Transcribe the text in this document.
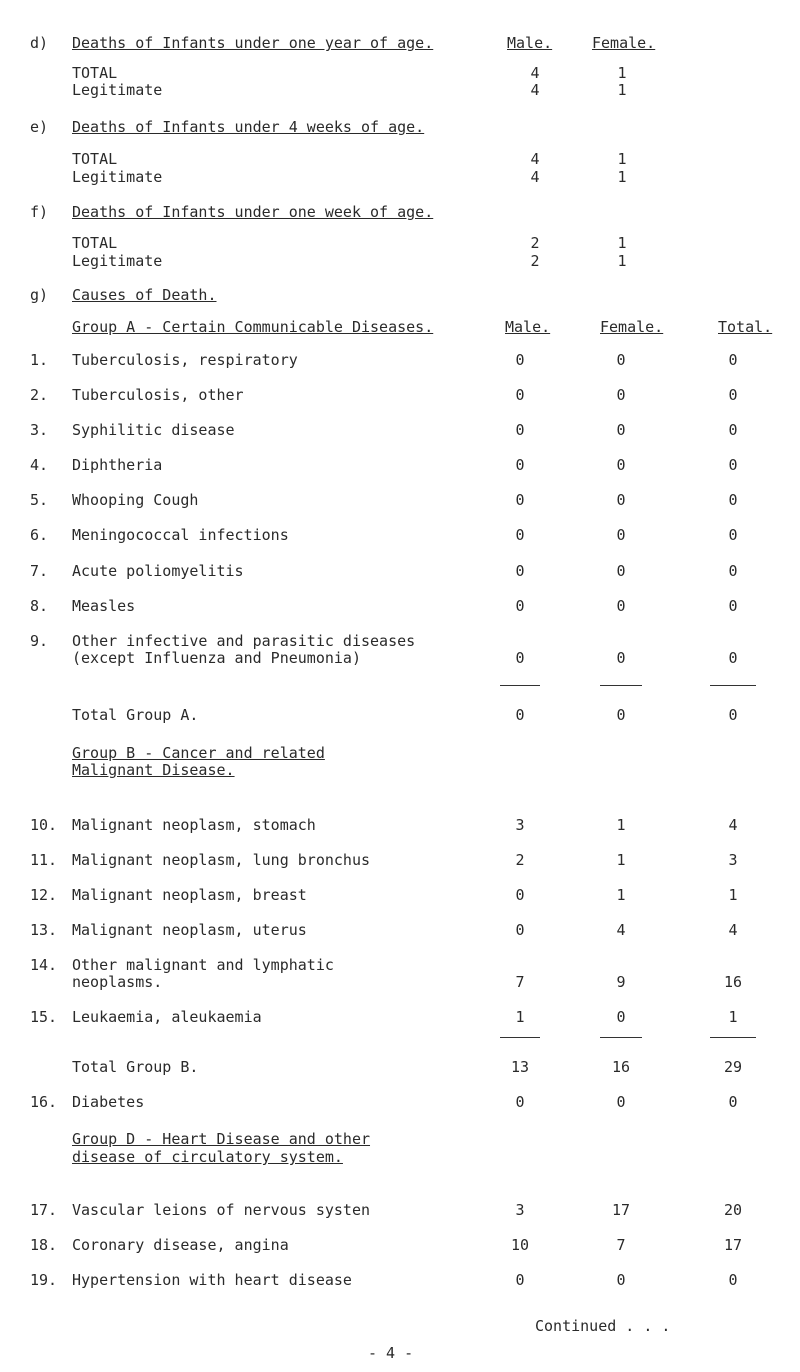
d) Deaths of Infants under one year of age.	Male.	Female.
TOTAL	4	1
Legitimate	4	1
e) Deaths of Infants under 4 weeks of age.
TOTAL	4	1
Legitimate	4	1
f) Deaths of Infants under one week of age.
TOTAL	2	1
Legitimate	2	1
g) Causes of Death.
Group A - Certain Communicable Diseases.	Male.	Female.	Total.
1. Tuberculosis, respiratory	0	0	0
2. Tuberculosis, other	0	0	0
3. Syphilitic disease	0	0	0
4. Diphtheria	0	0	0
5. Whooping Cough	0	0	0
6. Meningococcal infections	0	0	0
7. Acute poliomyelitis	0	0	0
8. Measles	0	0	0
9. Other infective and parasitic diseases
(except Influenza and Pneumonia)	0	0	0
Total Group A.	0	0	0
Group B - Cancer and related
Malignant Disease.
10. Malignant neoplasm, stomach	3	1	4
11. Malignant neoplasm, lung bronchus	2	1	3
12. Malignant neoplasm, breast	0	1	1
13. Malignant neoplasm, uterus	0	4	4
14. Other malignant and lymphatic
neoplasms.	7	9	16
15. Leukaemia, aleukaemia	1	0	1
Total Group B.	13	16	29
16. Diabetes	0	0	0
Group D - Heart Disease and other
disease of circulatory system.
17. Vascular leions of nervous systen	3	17	20
18. Coronary disease, angina	10	7	17
19. Hypertension with heart disease	0	0	0
Continued . . .
- 4 -
